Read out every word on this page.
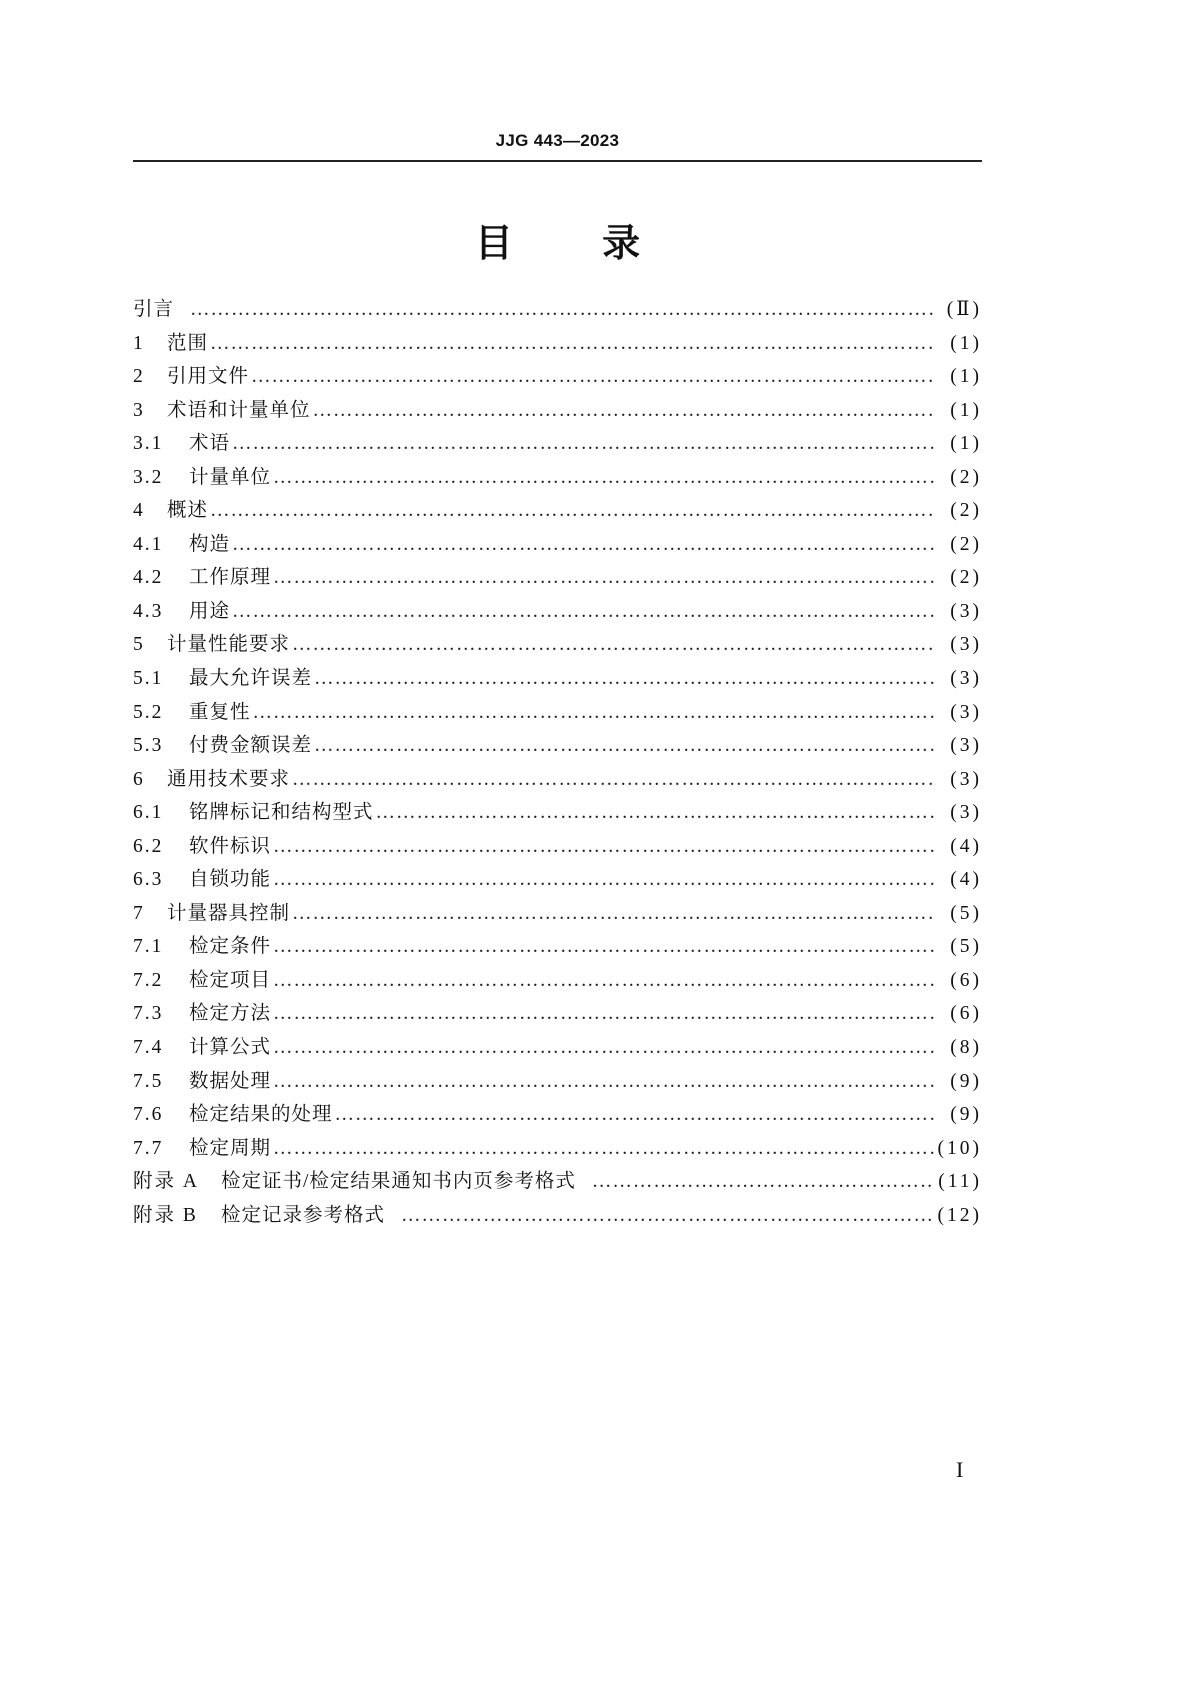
JJG 443—2023
目 录
引言 ……………………………………………………………………………………………………………………………………………………………………………………………………………………	(Ⅱ)
1	范围 ……………………………………………………………………………………………………………………………………………………………………………………………………………………	(1)
2	引用文件 ……………………………………………………………………………………………………………………………………………………………………………………………………………………	(1)
3	术语和计量单位 ……………………………………………………………………………………………………………………………………………………………………………………………………………………	(1)
3.1	术语 ……………………………………………………………………………………………………………………………………………………………………………………………………………………	(1)
3.2	计量单位 ……………………………………………………………………………………………………………………………………………………………………………………………………………………	(2)
4	概述 ……………………………………………………………………………………………………………………………………………………………………………………………………………………	(2)
4.1	构造 ……………………………………………………………………………………………………………………………………………………………………………………………………………………	(2)
4.2	工作原理 ……………………………………………………………………………………………………………………………………………………………………………………………………………………	(2)
4.3	用途 ……………………………………………………………………………………………………………………………………………………………………………………………………………………	(3)
5	计量性能要求 ……………………………………………………………………………………………………………………………………………………………………………………………………………………	(3)
5.1	最大允许误差 ……………………………………………………………………………………………………………………………………………………………………………………………………………………	(3)
5.2	重复性 ……………………………………………………………………………………………………………………………………………………………………………………………………………………	(3)
5.3	付费金额误差 ……………………………………………………………………………………………………………………………………………………………………………………………………………………	(3)
6	通用技术要求 ……………………………………………………………………………………………………………………………………………………………………………………………………………………	(3)
6.1	铭牌标记和结构型式 ……………………………………………………………………………………………………………………………………………………………………………………………………………………	(3)
6.2	软件标识 ……………………………………………………………………………………………………………………………………………………………………………………………………………………	(4)
6.3	自锁功能 ……………………………………………………………………………………………………………………………………………………………………………………………………………………	(4)
7	计量器具控制 ……………………………………………………………………………………………………………………………………………………………………………………………………………………	(5)
7.1	检定条件 ……………………………………………………………………………………………………………………………………………………………………………………………………………………	(5)
7.2	检定项目 ……………………………………………………………………………………………………………………………………………………………………………………………………………………	(6)
7.3	检定方法 ……………………………………………………………………………………………………………………………………………………………………………………………………………………	(6)
7.4	计算公式 ……………………………………………………………………………………………………………………………………………………………………………………………………………………	(8)
7.5	数据处理 ……………………………………………………………………………………………………………………………………………………………………………………………………………………	(9)
7.6	检定结果的处理 ……………………………………………………………………………………………………………………………………………………………………………………………………………………	(9)
7.7	检定周期 ……………………………………………………………………………………………………………………………………………………………………………………………………………………	(10)
附录 A	检定证书/检定结果通知书内页参考格式 ……………………………………………………………………………………………………………………………………………………………………………………………………………………	(11)
附录 B	检定记录参考格式 ……………………………………………………………………………………………………………………………………………………………………………………………………………………	(12)
I
